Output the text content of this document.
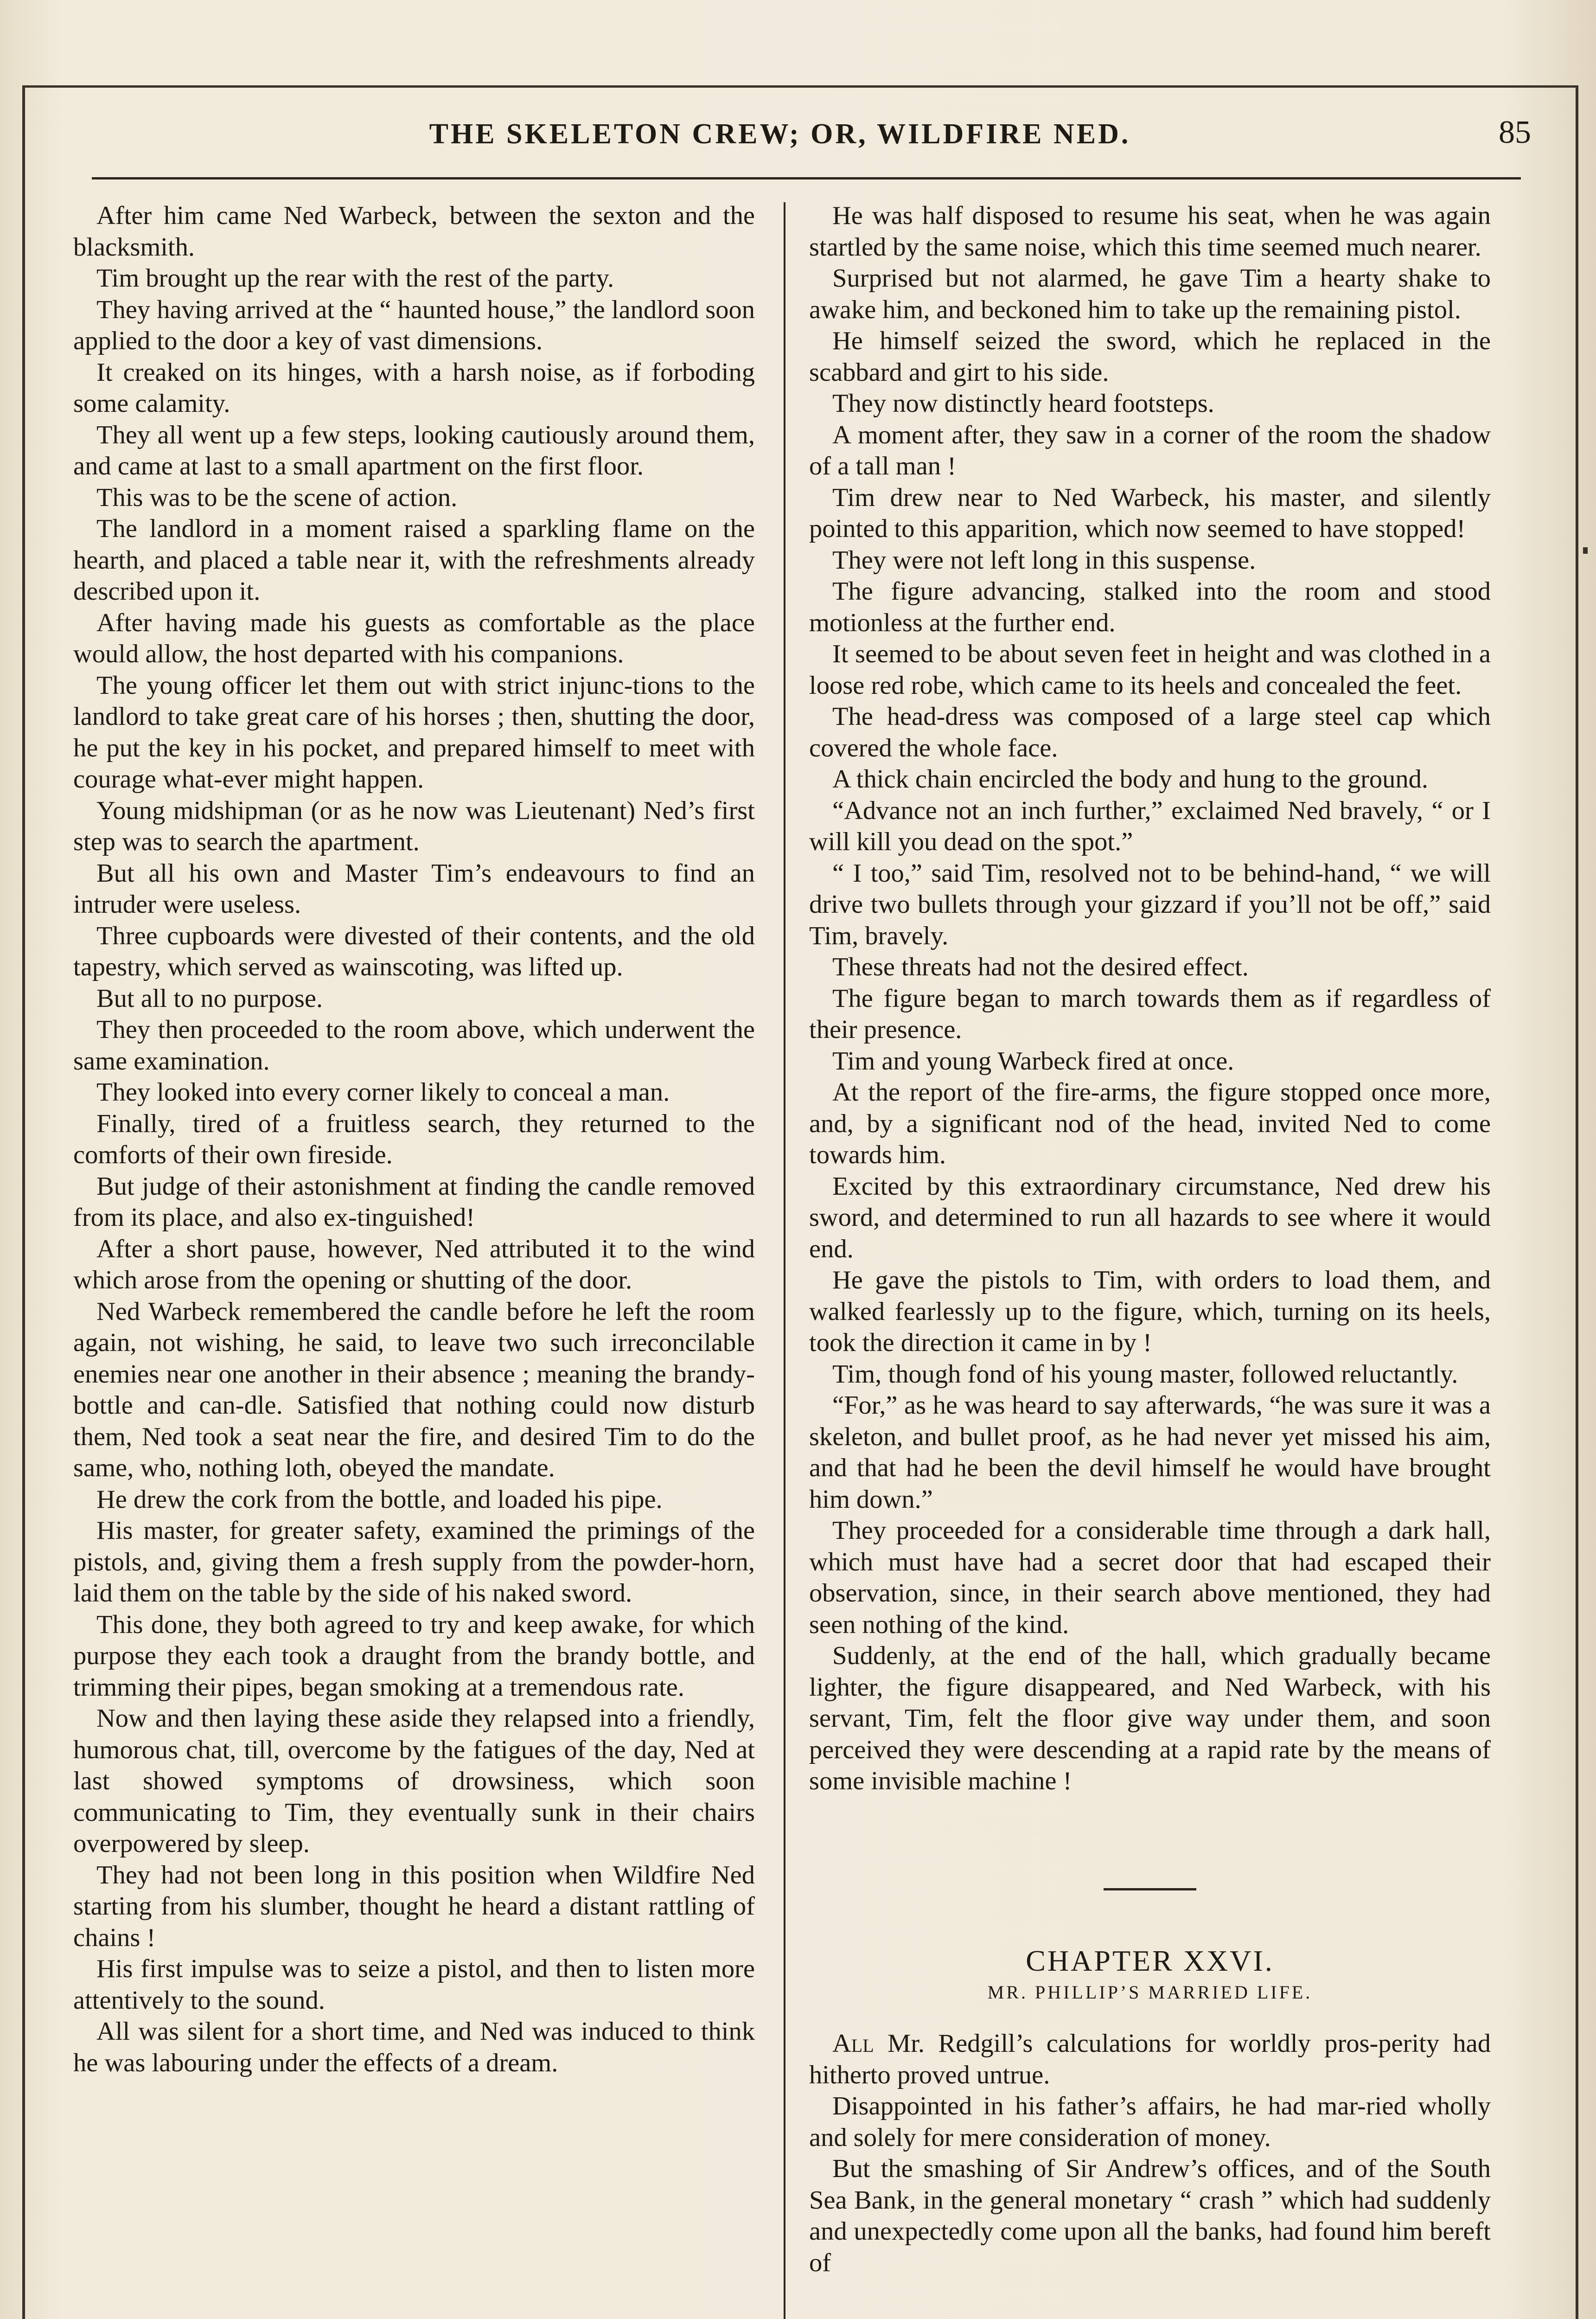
THE SKELETON CREW; OR, WILDFIRE NED.	85

After him came Ned Warbeck, between the sexton and the blacksmith.

Tim brought up the rear with the rest of the party.

They having arrived at the “ haunted house,” the landlord soon applied to the door a key of vast dimensions.

It creaked on its hinges, with a harsh noise, as if forboding some calamity.

They all went up a few steps, looking cautiously around them, and came at last to a small apartment on the first floor.

This was to be the scene of action.

The landlord in a moment raised a sparkling flame on the hearth, and placed a table near it, with the refreshments already described upon it.

After having made his guests as comfortable as the place would allow, the host departed with his companions.

The young officer let them out with strict injunc-tions to the landlord to take great care of his horses ; then, shutting the door, he put the key in his pocket, and prepared himself to meet with courage what-ever might happen.

Young midshipman (or as he now was Lieutenant) Ned’s first step was to search the apartment.

But all his own and Master Tim’s endeavours to find an intruder were useless.

Three cupboards were divested of their contents, and the old tapestry, which served as wainscoting, was lifted up.

But all to no purpose.

They then proceeded to the room above, which underwent the same examination.

They looked into every corner likely to conceal a man.

Finally, tired of a fruitless search, they returned to the comforts of their own fireside.

But judge of their astonishment at finding the candle removed from its place, and also ex-tinguished!

After a short pause, however, Ned attributed it to the wind which arose from the opening or shutting of the door.

Ned Warbeck remembered the candle before he left the room again, not wishing, he said, to leave two such irreconcilable enemies near one another in their absence ; meaning the brandy-bottle and can-dle. Satisfied that nothing could now disturb them, Ned took a seat near the fire, and desired Tim to do the same, who, nothing loth, obeyed the mandate.

He drew the cork from the bottle, and loaded his pipe.

His master, for greater safety, examined the primings of the pistols, and, giving them a fresh supply from the powder-horn, laid them on the table by the side of his naked sword.

This done, they both agreed to try and keep awake, for which purpose they each took a draught from the brandy bottle, and trimming their pipes, began smoking at a tremendous rate.

Now and then laying these aside they relapsed into a friendly, humorous chat, till, overcome by the fatigues of the day, Ned at last showed symptoms of drowsiness, which soon communicating to Tim, they eventually sunk in their chairs overpowered by sleep.

They had not been long in this position when Wildfire Ned starting from his slumber, thought he heard a distant rattling of chains !

His first impulse was to seize a pistol, and then to listen more attentively to the sound.

All was silent for a short time, and Ned was induced to think he was labouring under the effects of a dream.

He was half disposed to resume his seat, when he was again startled by the same noise, which this time seemed much nearer.

Surprised but not alarmed, he gave Tim a hearty shake to awake him, and beckoned him to take up the remaining pistol.

He himself seized the sword, which he replaced in the scabbard and girt to his side.

They now distinctly heard footsteps.

A moment after, they saw in a corner of the room the shadow of a tall man !

Tim drew near to Ned Warbeck, his master, and silently pointed to this apparition, which now seemed to have stopped!

They were not left long in this suspense.

The figure advancing, stalked into the room and stood motionless at the further end.

It seemed to be about seven feet in height and was clothed in a loose red robe, which came to its heels and concealed the feet.

The head-dress was composed of a large steel cap which covered the whole face.

A thick chain encircled the body and hung to the ground.

“Advance not an inch further,” exclaimed Ned bravely, “ or I will kill you dead on the spot.”

“ I too,” said Tim, resolved not to be behind-hand, “ we will drive two bullets through your gizzard if you’ll not be off,” said Tim, bravely.

These threats had not the desired effect.

The figure began to march towards them as if regardless of their presence.

Tim and young Warbeck fired at once.

At the report of the fire-arms, the figure stopped once more, and, by a significant nod of the head, invited Ned to come towards him.

Excited by this extraordinary circumstance, Ned drew his sword, and determined to run all hazards to see where it would end.

He gave the pistols to Tim, with orders to load them, and walked fearlessly up to the figure, which, turning on its heels, took the direction it came in by !

Tim, though fond of his young master, followed reluctantly.

“For,” as he was heard to say afterwards, “he was sure it was a skeleton, and bullet proof, as he had never yet missed his aim, and that had he been the devil himself he would have brought him down.”

They proceeded for a considerable time through a dark hall, which must have had a secret door that had escaped their observation, since, in their search above mentioned, they had seen nothing of the kind.

Suddenly, at the end of the hall, which gradually became lighter, the figure disappeared, and Ned Warbeck, with his servant, Tim, felt the floor give way under them, and soon perceived they were descending at a rapid rate by the means of some invisible machine !

CHAPTER XXVI.
MR. PHILLIP’S MARRIED LIFE.

All Mr. Redgill’s calculations for worldly pros-perity had hitherto proved untrue.

Disappointed in his father’s affairs, he had mar-ried wholly and solely for mere consideration of money.

But the smashing of Sir Andrew’s offices, and of the South Sea Bank, in the general monetary “ crash ” which had suddenly and unexpectedly come upon all the banks, had found him bereft of
